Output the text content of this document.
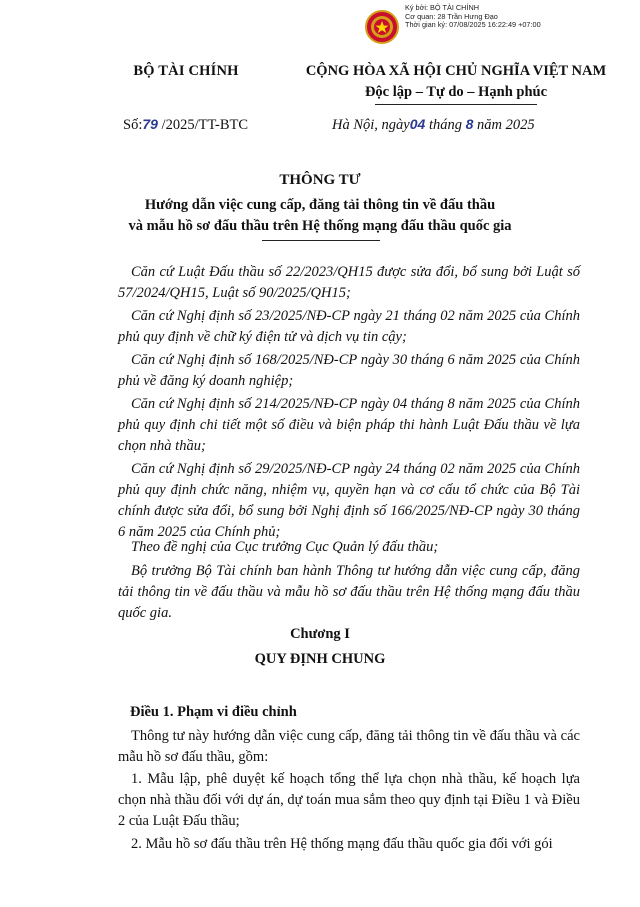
Ký bởi: BỘ TÀI CHÍNH
Cơ quan: 28 Trần Hưng Đạo
Thời gian ký: 07/08/2025 16:22:49 +07:00
BỘ TÀI CHÍNH	CỘNG HÒA XÃ HỘI CHỦ NGHĨA VIỆT NAM
Độc lập – Tự do – Hạnh phúc
Số:79 /2025/TT-BTC	Hà Nội, ngày04 tháng 8 năm 2025
THÔNG TƯ
Hướng dẫn việc cung cấp, đăng tải thông tin về đấu thầu
và mẫu hồ sơ đấu thầu trên Hệ thống mạng đấu thầu quốc gia
Căn cứ Luật Đấu thầu số 22/2023/QH15 được sửa đổi, bổ sung bởi Luật số 57/2024/QH15, Luật số 90/2025/QH15;
Căn cứ Nghị định số 23/2025/NĐ-CP ngày 21 tháng 02 năm 2025 của Chính phủ quy định về chữ ký điện tử và dịch vụ tin cậy;
Căn cứ Nghị định số 168/2025/NĐ-CP ngày 30 tháng 6 năm 2025 của Chính phủ về đăng ký doanh nghiệp;
Căn cứ Nghị định số 214/2025/NĐ-CP ngày 04 tháng 8 năm 2025 của Chính phủ quy định chi tiết một số điều và biện pháp thi hành Luật Đấu thầu về lựa chọn nhà thầu;
Căn cứ Nghị định số 29/2025/NĐ-CP ngày 24 tháng 02 năm 2025 của Chính phủ quy định chức năng, nhiệm vụ, quyền hạn và cơ cấu tổ chức của Bộ Tài chính được sửa đổi, bổ sung bởi Nghị định số 166/2025/NĐ-CP ngày 30 tháng 6 năm 2025 của Chính phủ;
Theo đề nghị của Cục trưởng Cục Quản lý đấu thầu;
Bộ trưởng Bộ Tài chính ban hành Thông tư hướng dẫn việc cung cấp, đăng tải thông tin về đấu thầu và mẫu hồ sơ đấu thầu trên Hệ thống mạng đấu thầu quốc gia.
Chương I
QUY ĐỊNH CHUNG
Điều 1. Phạm vi điều chỉnh
Thông tư này hướng dẫn việc cung cấp, đăng tải thông tin về đấu thầu và các mẫu hồ sơ đấu thầu, gồm:
1. Mẫu lập, phê duyệt kế hoạch tổng thể lựa chọn nhà thầu, kế hoạch lựa chọn nhà thầu đối với dự án, dự toán mua sắm theo quy định tại Điều 1 và Điều 2 của Luật Đấu thầu;
2. Mẫu hồ sơ đấu thầu trên Hệ thống mạng đấu thầu quốc gia đối với gói
